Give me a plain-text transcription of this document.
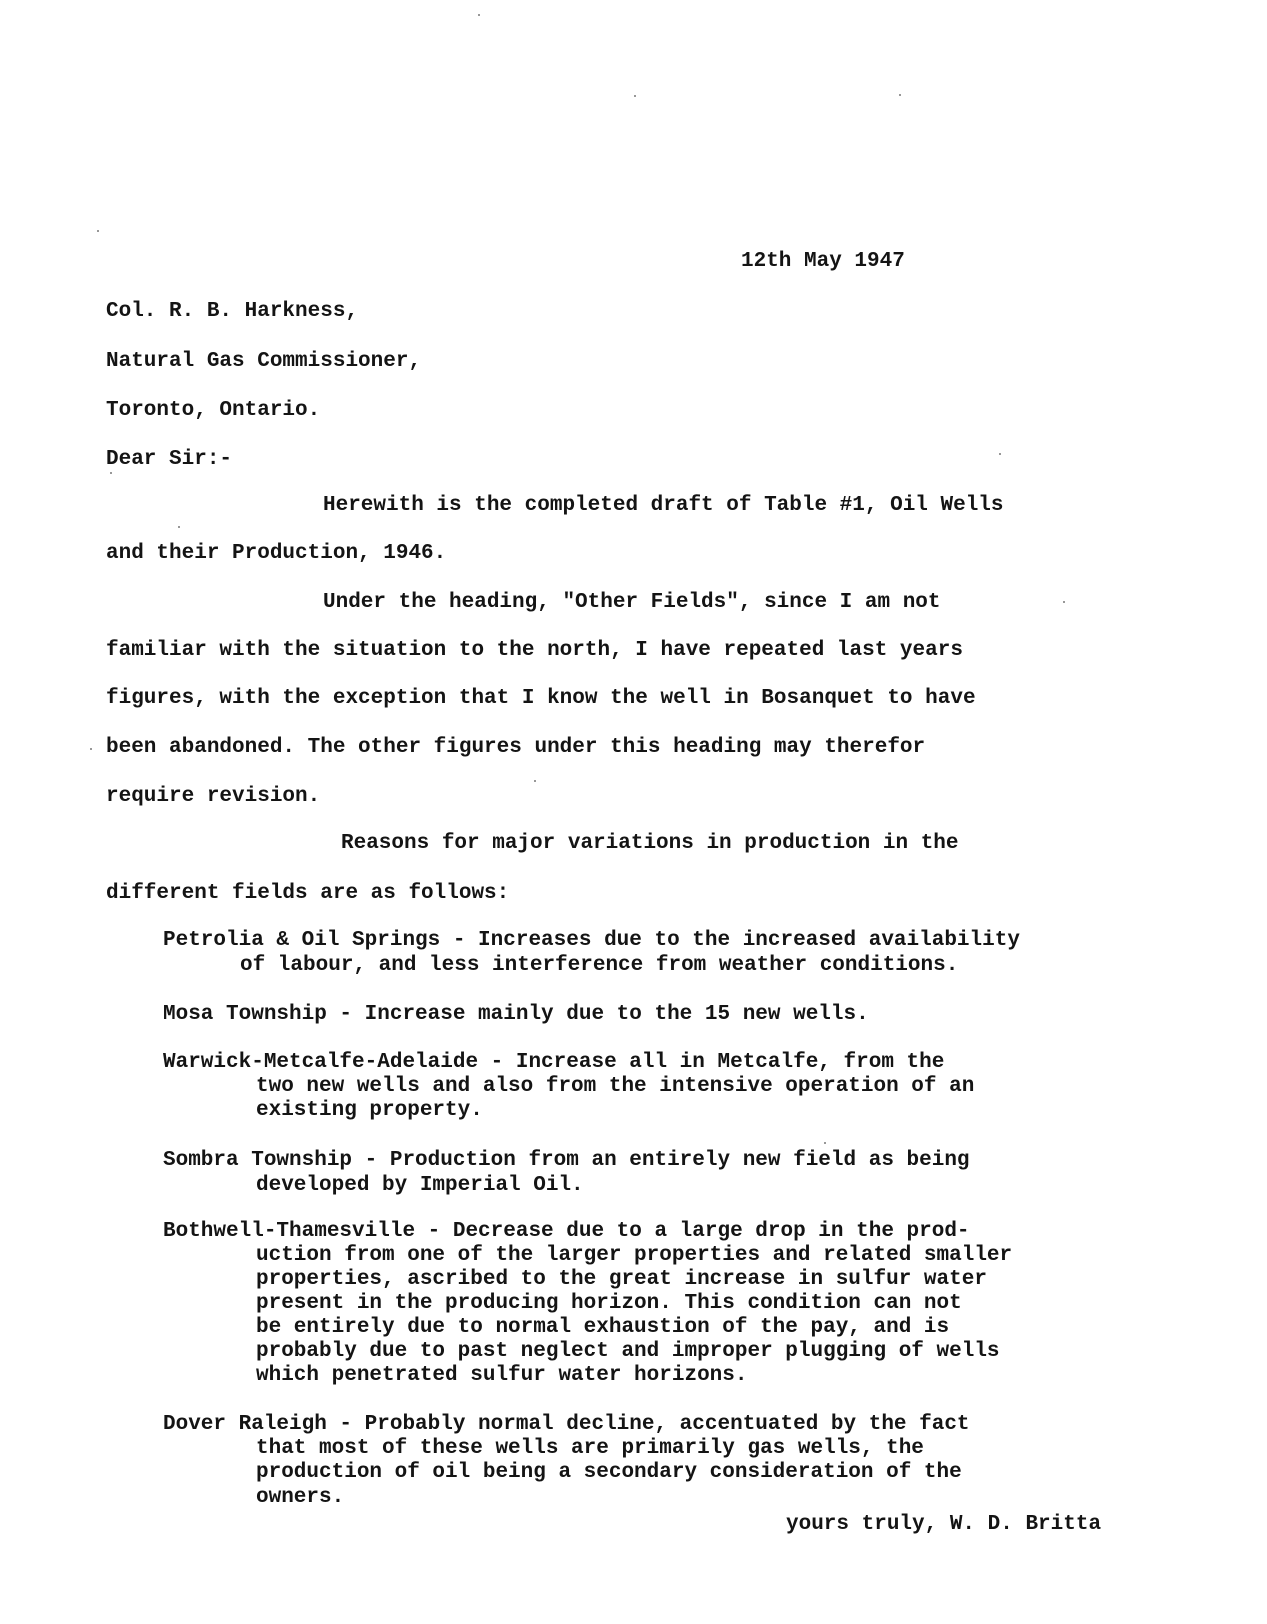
12th May 1947
Col. R. B. Harkness,
Natural Gas Commissioner,
Toronto, Ontario.
Dear Sir:-
Herewith is the completed draft of Table #1, Oil Wells
and their Production, 1946.
Under the heading, "Other Fields", since I am not
familiar with the situation to the north, I have repeated last years
figures, with the exception that I know the well in Bosanquet to have
been abandoned. The other figures under this heading may therefor
require revision.
Reasons for major variations in production in the
different fields are as follows:
Petrolia & Oil Springs - Increases due to the increased availability
of labour, and less interference from weather conditions.
Mosa Township - Increase mainly due to the 15 new wells.
Warwick-Metcalfe-Adelaide - Increase all in Metcalfe, from the
two new wells and also from the intensive operation of an
existing property.
Sombra Township - Production from an entirely new field as being
developed by Imperial Oil.
Bothwell-Thamesville - Decrease due to a large drop in the prod-
uction from one of the larger properties and related smaller
properties, ascribed to the great increase in sulfur water
present in the producing horizon. This condition can not
be entirely due to normal exhaustion of the pay, and is
probably due to past neglect and improper plugging of wells
which penetrated sulfur water horizons.
Dover Raleigh - Probably normal decline, accentuated by the fact
that most of these wells are primarily gas wells, the
production of oil being a secondary consideration of the
owners.
yours truly, W. D. Britta
